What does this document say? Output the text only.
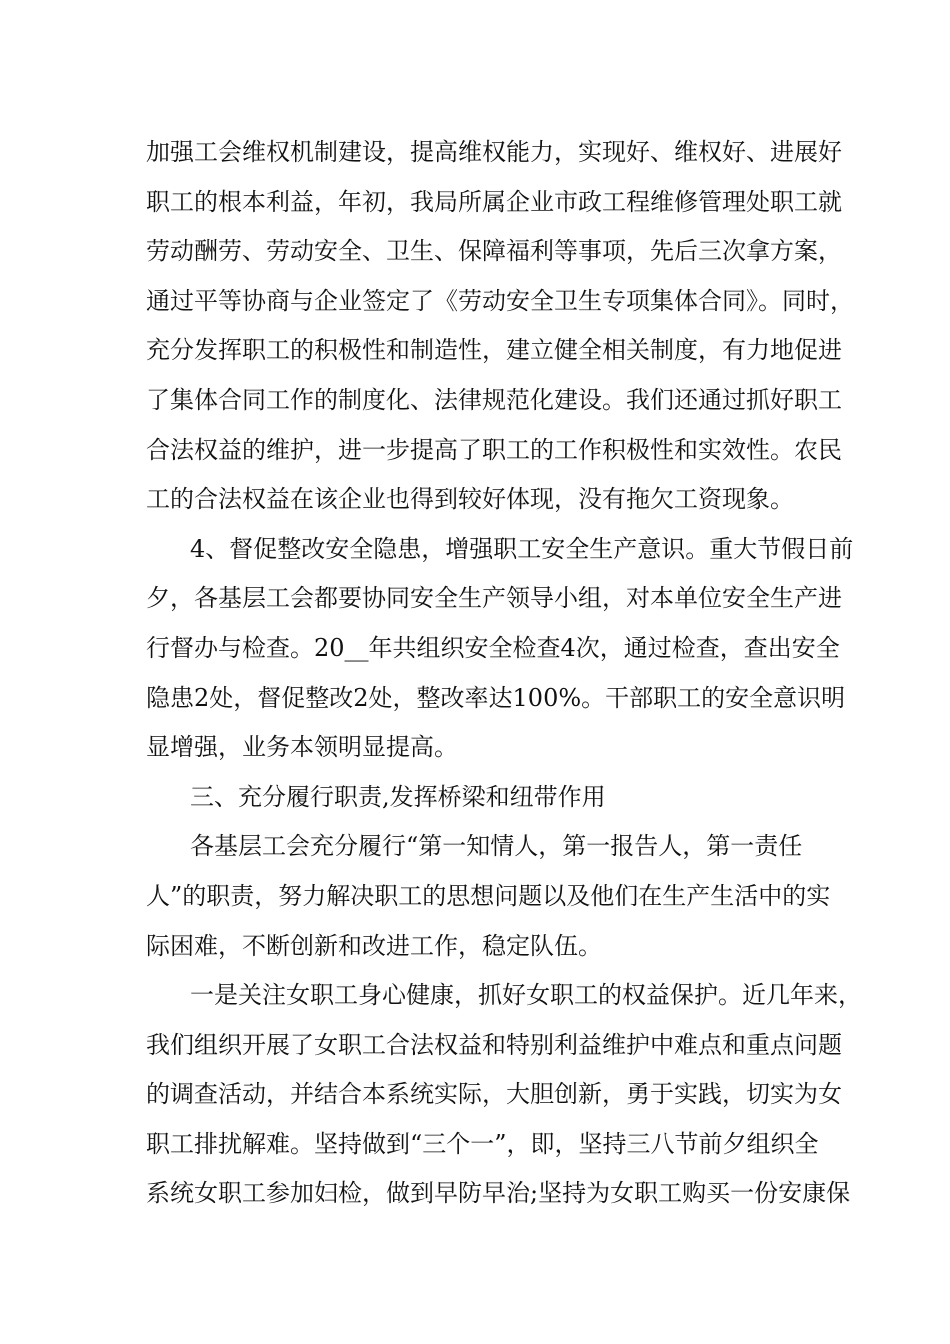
加强工会维权机制建设，提高维权能力，实现好、维权好、进展好
职工的根本利益，年初，我局所属企业市政工程维修管理处职工就
劳动酬劳、劳动安全、卫生、保障福利等事项，先后三次拿方案，
通过平等协商与企业签定了《劳动安全卫生专项集体合同》。同时，
充分发挥职工的积极性和制造性，建立健全相关制度，有力地促进
了集体合同工作的制度化、法律规范化建设。我们还通过抓好职工
合法权益的维护，进一步提高了职工的工作积极性和实效性。农民
工的合法权益在该企业也得到较好体现，没有拖欠工资现象。
4、督促整改安全隐患，增强职工安全生产意识。重大节假日前
夕，各基层工会都要协同安全生产领导小组，对本单位安全生产进
行督办与检查。20__年共组织安全检查4次，通过检查，查出安全
隐患2处，督促整改2处，整改率达100%。干部职工的安全意识明
显增强，业务本领明显提高。
三、充分履行职责,发挥桥梁和纽带作用
各基层工会充分履行“第一知情人，第一报告人，第一责任
人”的职责，努力解决职工的思想问题以及他们在生产生活中的实
际困难，不断创新和改进工作，稳定队伍。
一是关注女职工身心健康，抓好女职工的权益保护。近几年来，
我们组织开展了女职工合法权益和特别利益维护中难点和重点问题
的调查活动，并结合本系统实际，大胆创新，勇于实践，切实为女
职工排扰解难。坚持做到“三个一”，即，坚持三八节前夕组织全
系统女职工参加妇检，做到早防早治;坚持为女职工购买一份安康保
